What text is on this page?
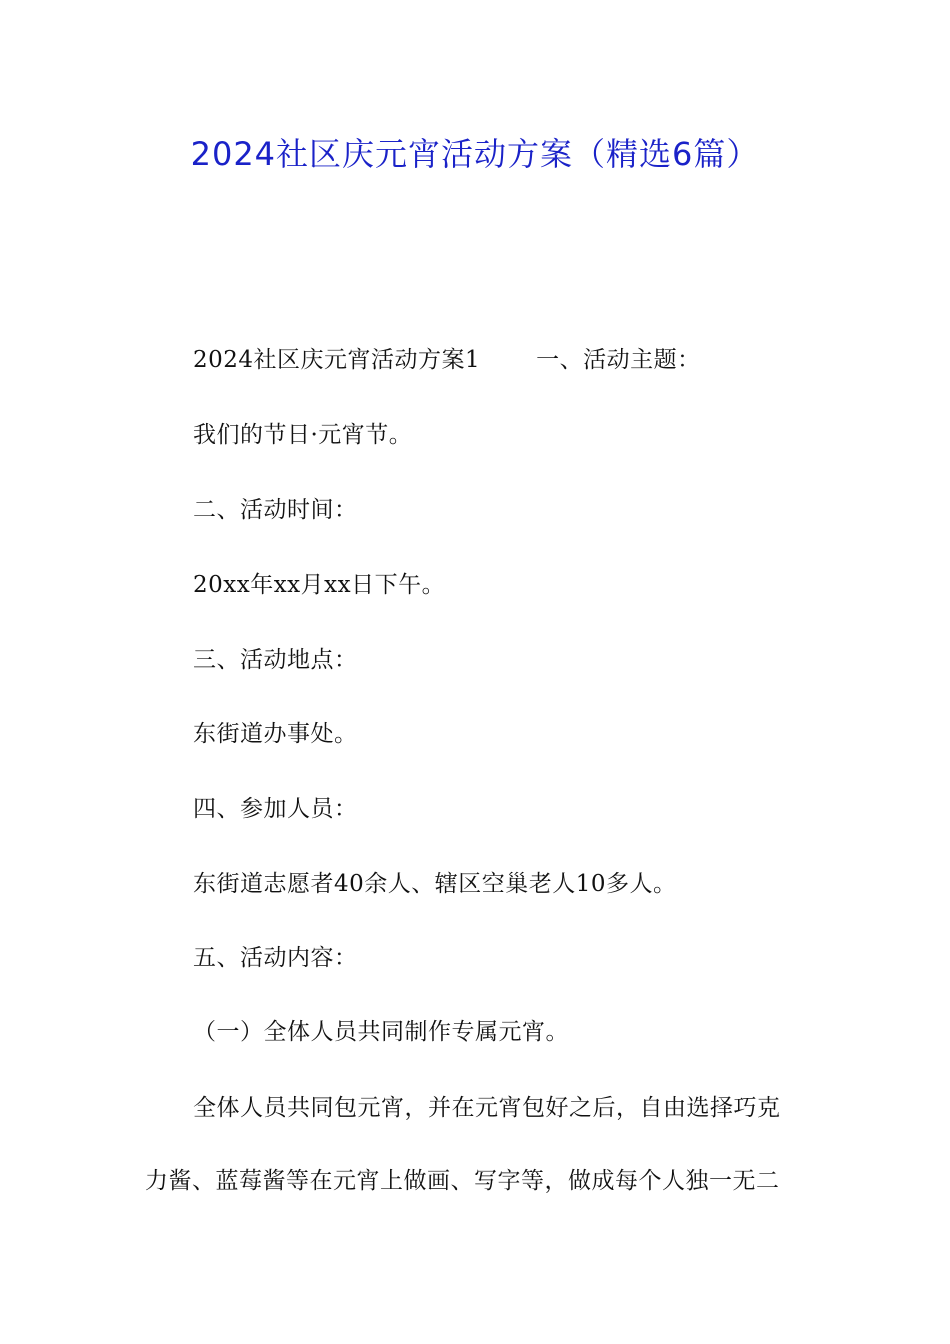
2024社区庆元宵活动方案（精选6篇）
2024社区庆元宵活动方案1 一、活动主题：
我们的节日·元宵节。
二、活动时间：
20xx年xx月xx日下午。
三、活动地点：
东街道办事处。
四、参加人员：
东街道志愿者40余人、辖区空巢老人10多人。
五、活动内容：
（一）全体人员共同制作专属元宵。
全体人员共同包元宵，并在元宵包好之后，自由选择巧克
力酱、蓝莓酱等在元宵上做画、写字等，做成每个人独一无二
